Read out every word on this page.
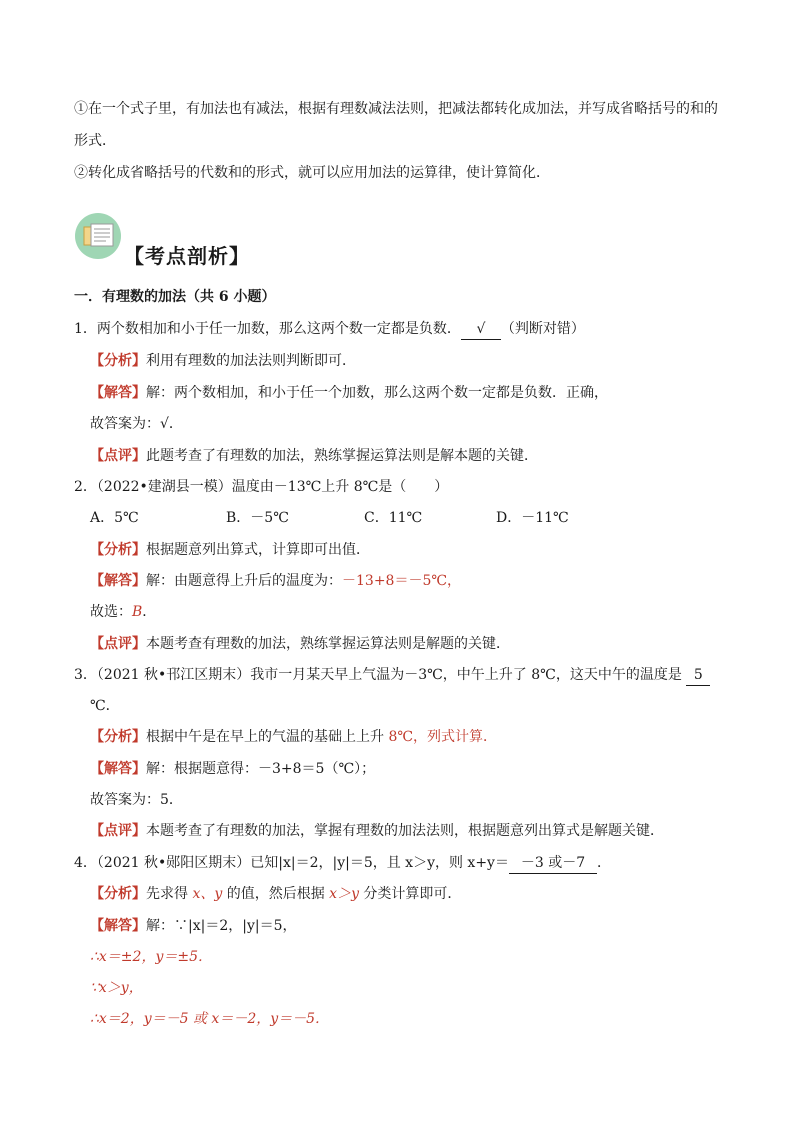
①在一个式子里，有加法也有减法，根据有理数减法法则，把减法都转化成加法，并写成省略括号的和的
形式．
②转化成省略括号的代数和的形式，就可以应用加法的运算律，使计算简化．
【考点剖析】
一．有理数的加法（共 6 小题）
1．两个数相加和小于任一加数，那么这两个数一定都是负数． √ （判断对错）
【分析】利用有理数的加法法则判断即可．
【解答】解：两个数相加，和小于任一个加数，那么这两个数一定都是负数．正确，
故答案为：√．
【点评】此题考查了有理数的加法，熟练掌握运算法则是解本题的关键．
2．（2022•建湖县一模）温度由－13℃上升 8℃是（　　）
A．5℃	B．－5℃	C．11℃	D．－11℃
【分析】根据题意列出算式，计算即可出值．
【解答】解：由题意得上升后的温度为：－13+8＝－5℃，
故选：B．
【点评】本题考查有理数的加法，熟练掌握运算法则是解题的关键．
3．（2021 秋•邗江区期末）我市一月某天早上气温为－3℃，中午上升了 8℃，这天中午的温度是 5
℃．
【分析】根据中午是在早上的气温的基础上上升 8℃，列式计算．
【解答】解：根据题意得：－3+8＝5（℃）；
故答案为：5．
【点评】本题考查了有理数的加法，掌握有理数的加法法则，根据题意列出算式是解题关键．
4．（2021 秋•郧阳区期末）已知|x|＝2，|y|＝5，且 x＞y，则 x+y＝ －3 或－7 ．
【分析】先求得 x、y 的值，然后根据 x＞y 分类计算即可．
【解答】解：∵|x|＝2，|y|＝5，
∴x＝±2，y＝±5．
∵x＞y，
∴x＝2，y＝－5 或 x＝－2，y＝－5．
